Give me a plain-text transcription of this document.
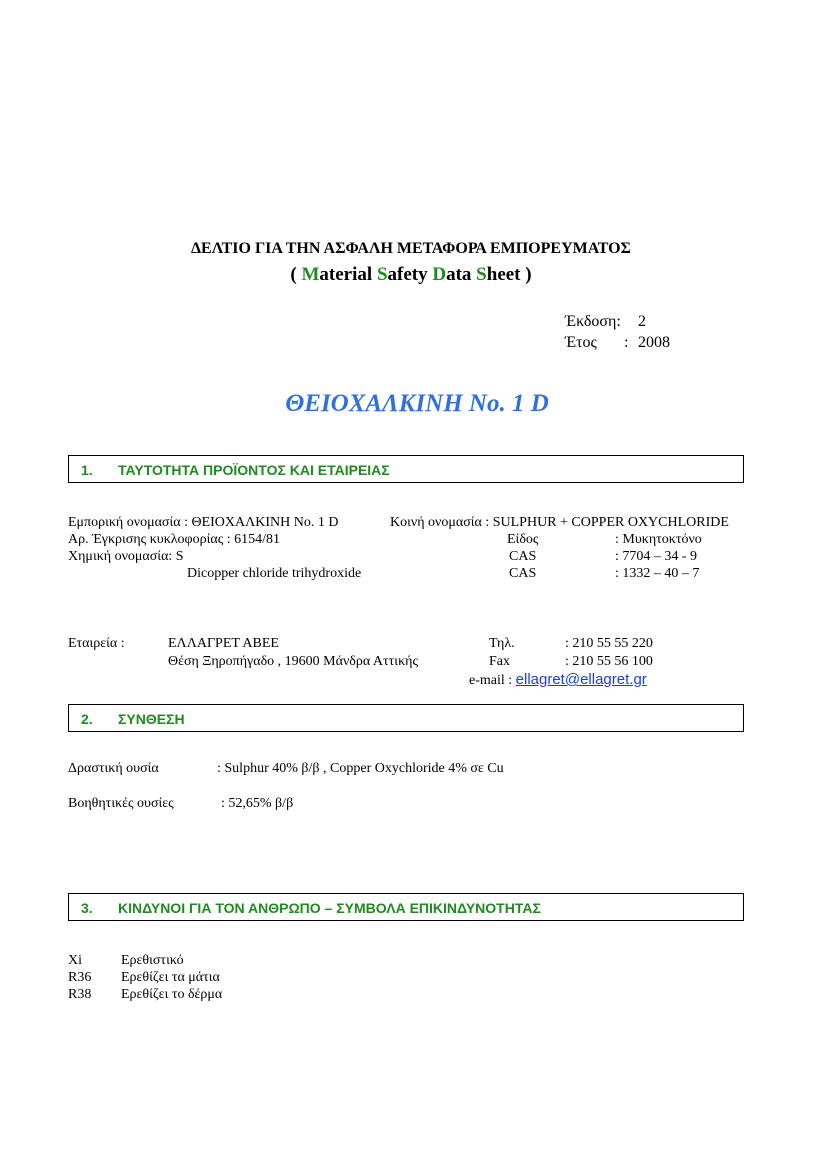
ΔΕΛΤΙΟ ΓΙΑ ΤΗΝ ΑΣΦΑΛΗ ΜΕΤΑΦΟΡΑ ΕΜΠΟΡΕΥΜΑΤΟΣ
( Material Safety Data Sheet )
Έκδοση: 2
Έτος : 2008
ΘΕΙΟΧΑΛΚΙΝΗ No. 1 D
1. ΤΑΥΤΟΤΗΤΑ ΠΡΟΪΟΝΤΟΣ ΚΑΙ ΕΤΑΙΡΕΙΑΣ
Εμπορική ονομασία : ΘΕΙΟΧΑΛΚΙΝΗ No. 1 D	Κοινή ονομασία : SULPHUR + COPPER OXYCHLORIDE
Αρ. Έγκρισης κυκλοφορίας : 6154/81	Είδος	: Μυκητοκτόνο
Χημική ονομασία: S	CAS	: 7704 – 34 - 9
Dicopper chloride trihydroxide	CAS	: 1332 – 40 – 7
Εταιρεία :	ΕΛΛΑΓΡΕΤ ΑΒΕΕ	Τηλ.	: 210 55 55 220
Θέση Ξηροπήγαδο , 19600 Μάνδρα Αττικής	Fax	: 210 55 56 100
e-mail : ellagret@ellagret.gr
2. ΣΥΝΘΕΣΗ
Δραστική ουσία	: Sulphur 40% β/β , Copper Oxychloride 4% σε Cu
Βοηθητικές ουσίες	: 52,65% β/β
3. ΚΙΝΔΥΝΟΙ ΓΙΑ ΤΟΝ ΑΝΘΡΩΠΟ – ΣΥΜΒΟΛΑ ΕΠΙΚΙΝΔΥΝΟΤΗΤΑΣ
Xi	Ερεθιστικό
R36 Ερεθίζει τα μάτια
R38 Ερεθίζει το δέρμα
